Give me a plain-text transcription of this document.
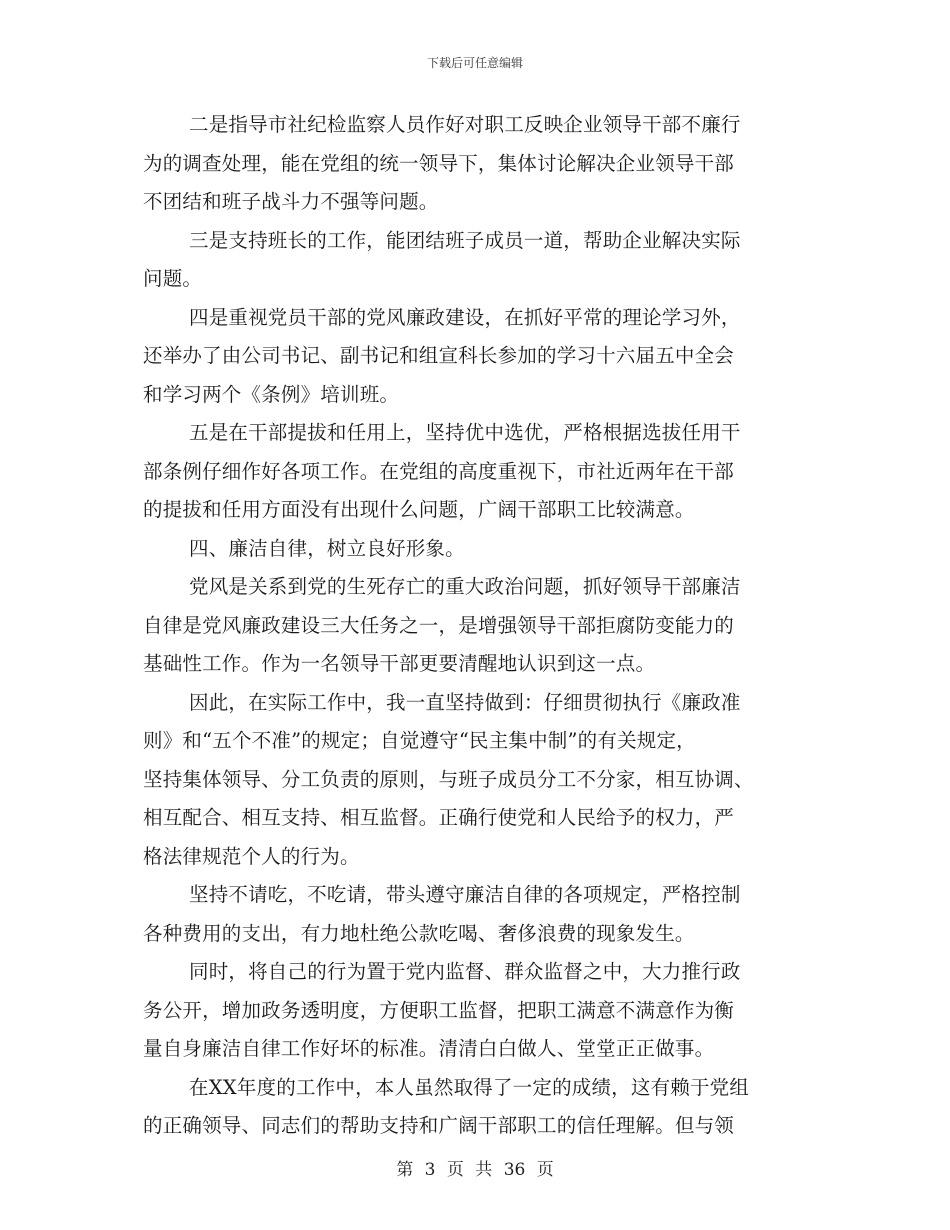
下载后可任意编辑
二是指导市社纪检监察人员作好对职工反映企业领导干部不廉行
为的调查处理，能在党组的统一领导下，集体讨论解决企业领导干部
不团结和班子战斗力不强等问题。
三是支持班长的工作，能团结班子成员一道，帮助企业解决实际
问题。
四是重视党员干部的党风廉政建设，在抓好平常的理论学习外，
还举办了由公司书记、副书记和组宣科长参加的学习十六届五中全会
和学习两个《条例》培训班。
五是在干部提拔和任用上，坚持优中选优，严格根据选拔任用干
部条例仔细作好各项工作。在党组的高度重视下，市社近两年在干部
的提拔和任用方面没有出现什么问题，广阔干部职工比较满意。
四、廉洁自律，树立良好形象。
党风是关系到党的生死存亡的重大政治问题，抓好领导干部廉洁
自律是党风廉政建设三大任务之一，是增强领导干部拒腐防变能力的
基础性工作。作为一名领导干部更要清醒地认识到这一点。
因此，在实际工作中，我一直坚持做到：仔细贯彻执行《廉政准
则》和“五个不准”的规定；自觉遵守“民主集中制”的有关规定，
坚持集体领导、分工负责的原则，与班子成员分工不分家，相互协调、
相互配合、相互支持、相互监督。正确行使党和人民给予的权力，严
格法律规范个人的行为。
坚持不请吃，不吃请，带头遵守廉洁自律的各项规定，严格控制
各种费用的支出，有力地杜绝公款吃喝、奢侈浪费的现象发生。
同时，将自己的行为置于党内监督、群众监督之中，大力推行政
务公开，增加政务透明度，方便职工监督，把职工满意不满意作为衡
量自身廉洁自律工作好坏的标准。清清白白做人、堂堂正正做事。
在XX年度的工作中，本人虽然取得了一定的成绩，这有赖于党组
的正确领导、同志们的帮助支持和广阔干部职工的信任理解。但与领
第 3 页 共 36 页
